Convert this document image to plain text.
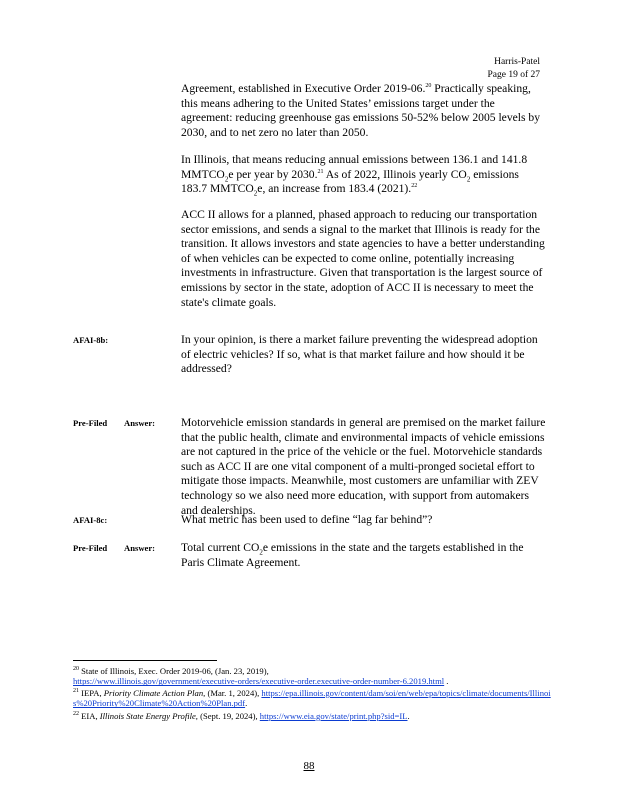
Harris-Patel
Page 19 of 27
Agreement, established in Executive Order 2019-06.20 Practically speaking, this means adhering to the United States’ emissions target under the agreement: reducing greenhouse gas emissions 50-52% below 2005 levels by 2030, and to net zero no later than 2050.
In Illinois, that means reducing annual emissions between 136.1 and 141.8 $MMTCO_2e$ per year by 2030.21 As of 2022, Illinois yearly $CO_2$ emissions 183.7 $MMTCO_2e$, an increase from 183.4 (2021).$^{22}$
ACC II allows for a planned, phased approach to reducing our transportation sector emissions, and sends a signal to the market that Illinois is ready for the transition. It allows investors and state agencies to have a better understanding of when vehicles can be expected to come online, potentially increasing investments in infrastructure. Given that transportation is the largest source of emissions by sector in the state, adoption of ACC II is necessary to meet the state's climate goals.
AFAI-8b:	In your opinion, is there a market failure preventing the widespread adoption of electric vehicles? If so, what is that market failure and how should it be addressed?
Pre-Filed Answer: Motorvehicle emission standards in general are premised on the market failure that the public health, climate and environmental impacts of vehicle emissions are not captured in the price of the vehicle or the fuel. Motorvehicle standards such as ACC II are one vital component of a multi-pronged societal effort to mitigate those impacts. Meanwhile, most customers are unfamiliar with ZEV technology so we also need more education, with support from automakers and dealerships.
AFAI-8c:	What metric has been used to define “lag far behind”?
Pre-Filed Answer: Total current $CO_2e$ emissions in the state and the targets established in the Paris Climate Agreement.
$^{20}$ State of Illinois, Exec. Order 2019-06, (Jan. 23, 2019),
https://www.illinois.gov/government/executive-orders/executive-order.executive-order-number-6.2019.html .
$^{21}$ IEPA, Priority Climate Action Plan, (Mar. 1, 2024), https://epa.illinois.gov/content/dam/soi/en/web/epa/topics/climate/documents/Illinois%20Priority%20Climate%20Action%20Plan.pdf.
$^{22}$ EIA, Illinois State Energy Profile, (Sept. 19, 2024), https://www.eia.gov/state/print.php?sid=IL.
88
